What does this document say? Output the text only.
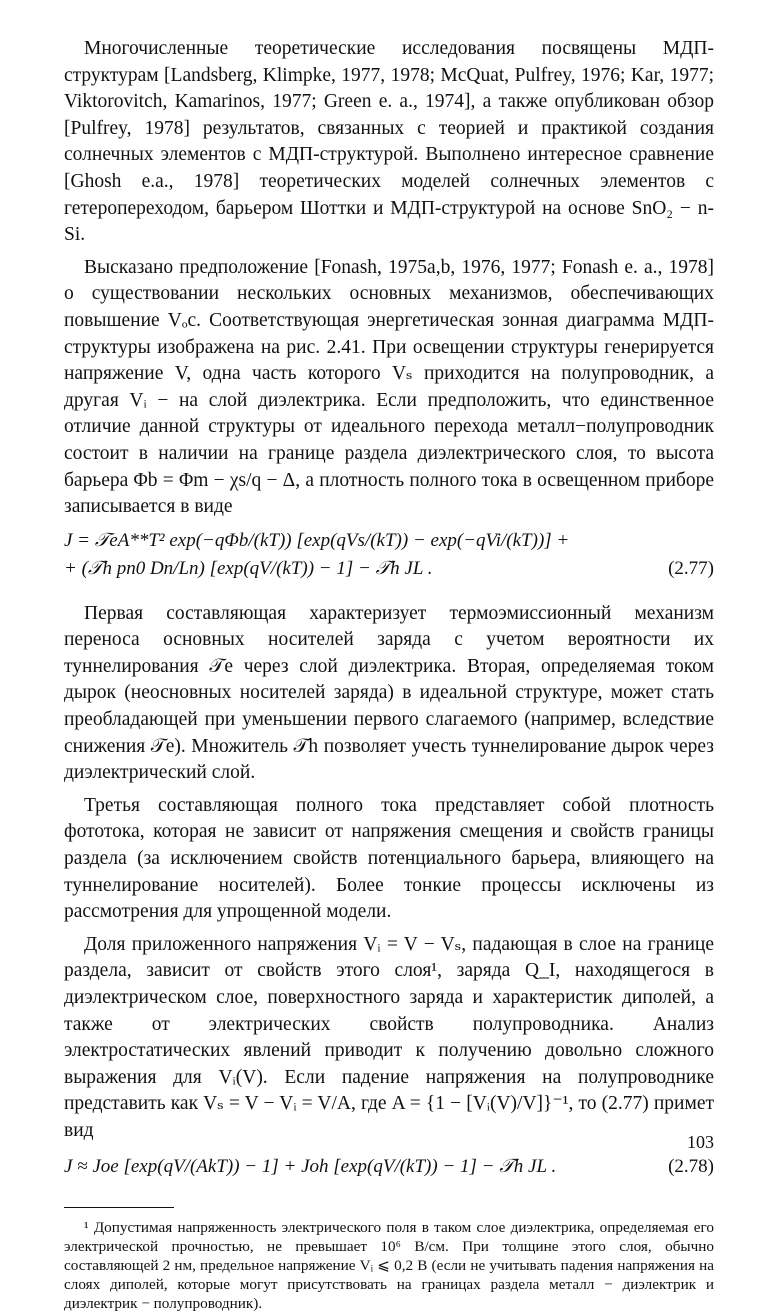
Многочисленные теоретические исследования посвящены МДП-структурам [Landsberg, Klimpke, 1977, 1978; McQuat, Pulfrey, 1976; Kar, 1977; Viktorovitch, Kamarinos, 1977; Green e. a., 1974], а также опубликован обзор [Pulfrey, 1978] результатов, связанных с теорией и практикой создания солнечных элементов с МДП-структурой. Выполнено интересное сравнение [Ghosh e.a., 1978] теоретических моделей солнечных элементов с гетеропереходом, барьером Шоттки и МДП-структурой на основе SnO₂ − n-Si.

Высказано предположение [Fonash, 1975a,b, 1976, 1977; Fonash e. a., 1978] о существовании нескольких основных механизмов, обеспечивающих повышение Vₒc. Соответствующая энергетическая зонная диаграмма МДП-структуры изображена на рис. 2.41. При освещении структуры генерируется напряжение V, одна часть которого Vₛ приходится на полупроводник, а другая Vᵢ − на слой диэлектрика. Если предположить, что единственное отличие данной структуры от идеального перехода металл−полупроводник состоит в наличии на границе раздела диэлектрического слоя, то высота барьера Φb = Φm − χs/q − Δ, а плотность полного тока в освещенном приборе записывается в виде

J = 𝒯eA**T² exp(−qΦb/(kT)) [exp(qVs/(kT)) − exp(−qVi/(kT))] +
+ (𝒯h pn0 Dn/Ln) [exp(qV/(kT)) − 1] − 𝒯h JL .	(2.77)

Первая составляющая характеризует термоэмиссионный механизм переноса основных носителей заряда с учетом вероятности их туннелирования 𝒯e через слой диэлектрика. Вторая, определяемая током дырок (неосновных носителей заряда) в идеальной структуре, может стать преобладающей при уменьшении первого слагаемого (например, вследствие снижения 𝒯e). Множитель 𝒯h позволяет учесть туннелирование дырок через диэлектрический слой.

Третья составляющая полного тока представляет собой плотность фототока, которая не зависит от напряжения смещения и свойств границы раздела (за исключением свойств потенциального барьера, влияющего на туннелирование носителей). Более тонкие процессы исключены из рассмотрения для упрощенной модели.

Доля приложенного напряжения Vᵢ = V − Vₛ, падающая в слое на границе раздела, зависит от свойств этого слоя¹, заряда Q_I, находящегося в диэлектрическом слое, поверхностного заряда и характеристик диполей, а также от электрических свойств полупроводника. Анализ электростатических явлений приводит к получению довольно сложного выражения для Vᵢ(V). Если падение напряжения на полупроводнике представить как Vₛ = V − Vᵢ = V/A, где A = {1 − [Vᵢ(V)/V]}⁻¹, то (2.77) примет вид

J ≈ Joe [exp(qV/(AkT)) − 1] + Joh [exp(qV/(kT)) − 1] − 𝒯h JL .	(2.78)

¹ Допустимая напряженность электрического поля в таком слое диэлектрика, определяемая его электрической прочностью, не превышает 10⁶ В/см. При толщине этого слоя, обычно составляющей 2 нм, предельное напряжение Vᵢ ⩽ 0,2 В (если не учитывать падения напряжения на слоях диполей, которые могут присутствовать на границах раздела металл − диэлектрик и диэлектрик − полупроводник).

103
